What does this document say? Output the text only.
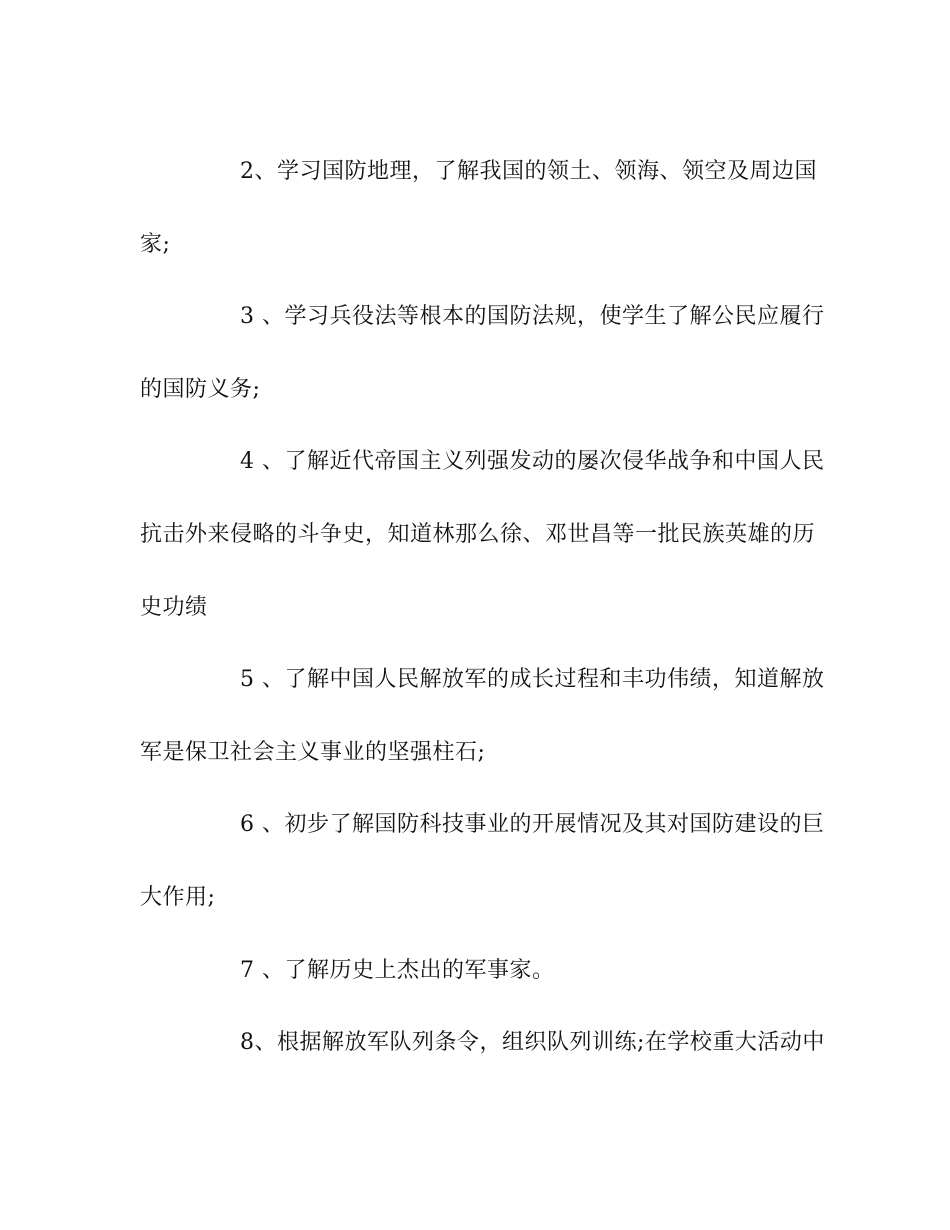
2、学习国防地理，了解我国的领土、领海、领空及周边国
家;

3 、学习兵役法等根本的国防法规，使学生了解公民应履行
的国防义务;

4 、了解近代帝国主义列强发动的屡次侵华战争和中国人民
抗击外来侵略的斗争史，知道林那么徐、邓世昌等一批民族英雄的历
史功绩

5 、了解中国人民解放军的成长过程和丰功伟绩，知道解放
军是保卫社会主义事业的坚强柱石;

6 、初步了解国防科技事业的开展情况及其对国防建设的巨
大作用;

7 、了解历史上杰出的军事家。

8、根据解放军队列条令，组织队列训练;在学校重大活动中
